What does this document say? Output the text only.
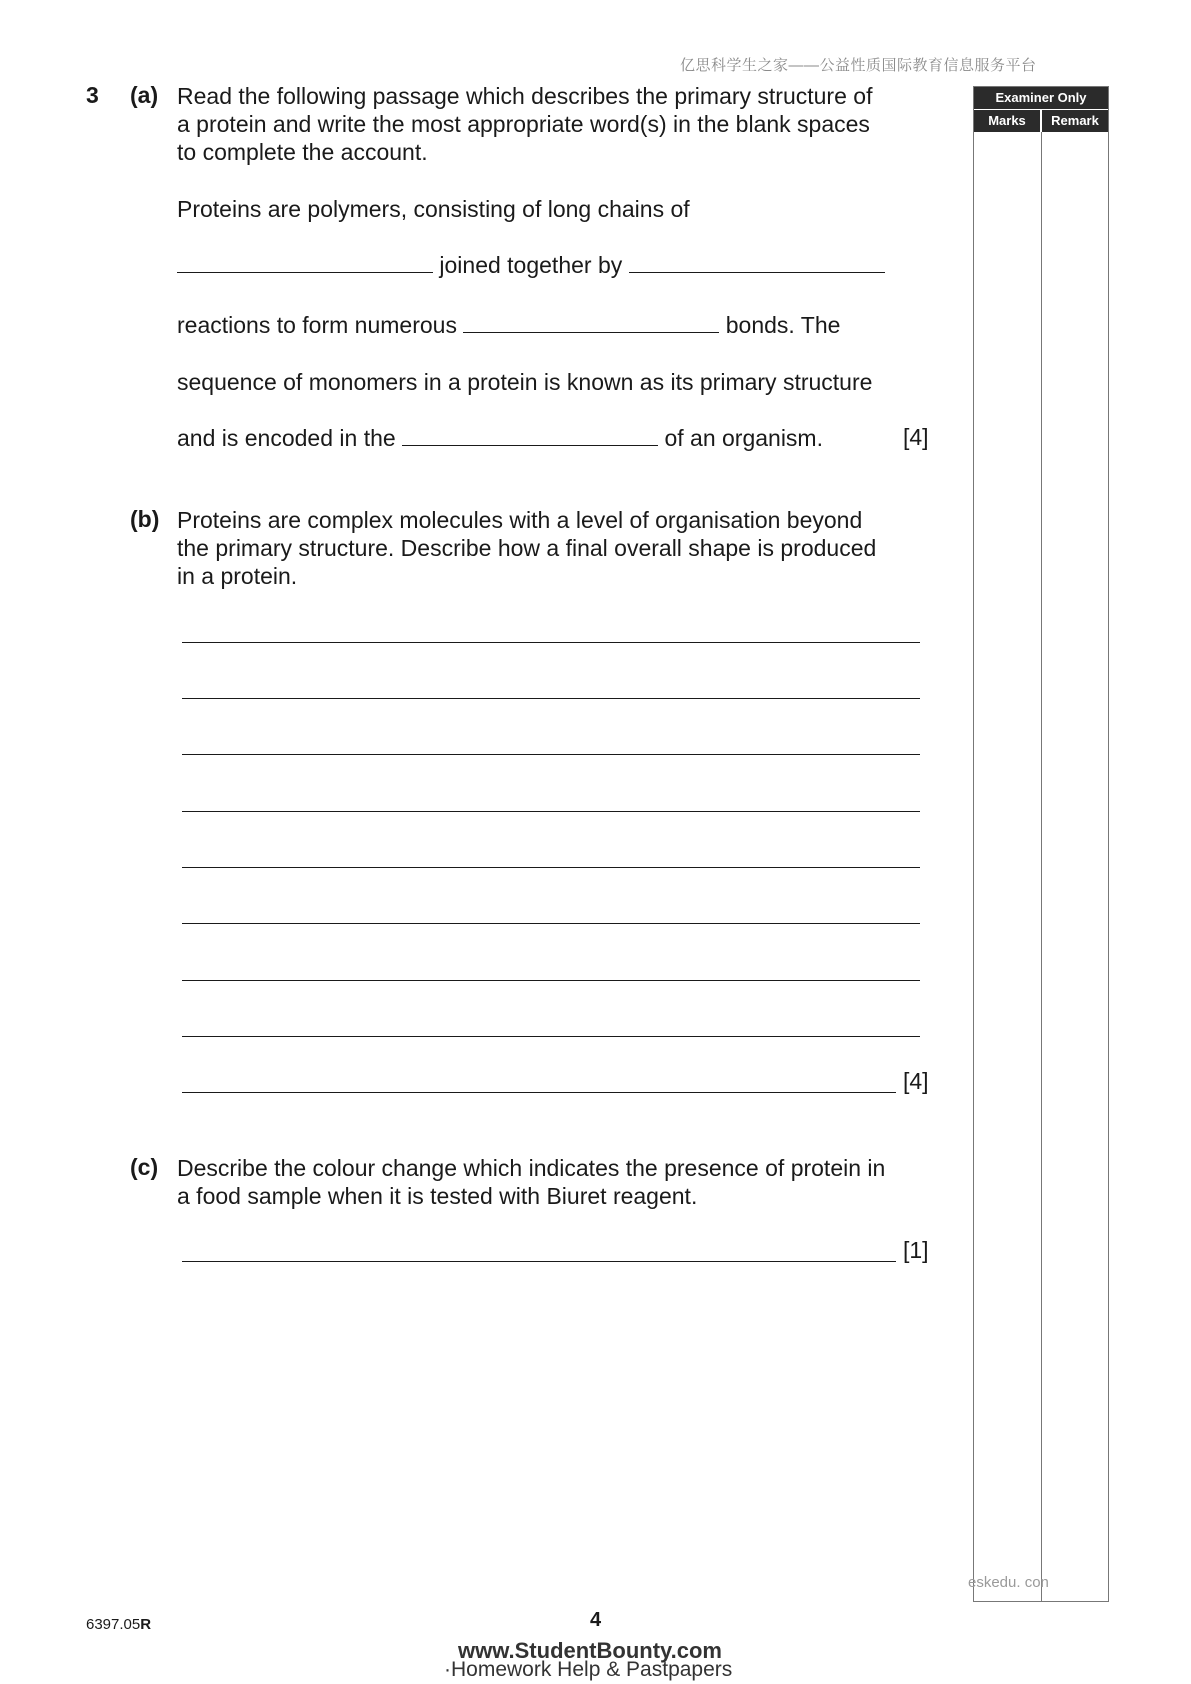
亿思科学生之家——公益性质国际教育信息服务平台
3 (a) Read the following passage which describes the primary structure of
a protein and write the most appropriate word(s) in the blank spaces
to complete the account.
Proteins are polymers, consisting of long chains of
joined together by
reactions to form numerous	bonds. The
sequence of monomers in a protein is known as its primary structure
and is encoded in the	of an organism.	[4]
(b) Proteins are complex molecules with a level of organisation beyond
the primary structure. Describe how a final overall shape is produced
in a protein.
[4]
(c) Describe the colour change which indicates the presence of protein in
a food sample when it is tested with Biuret reagent.
[1]
Examiner Only
Marks	Remark
eskedu. con
6397.05R	4
www.StudentBounty.com
·Homework Help & Pastpapers
